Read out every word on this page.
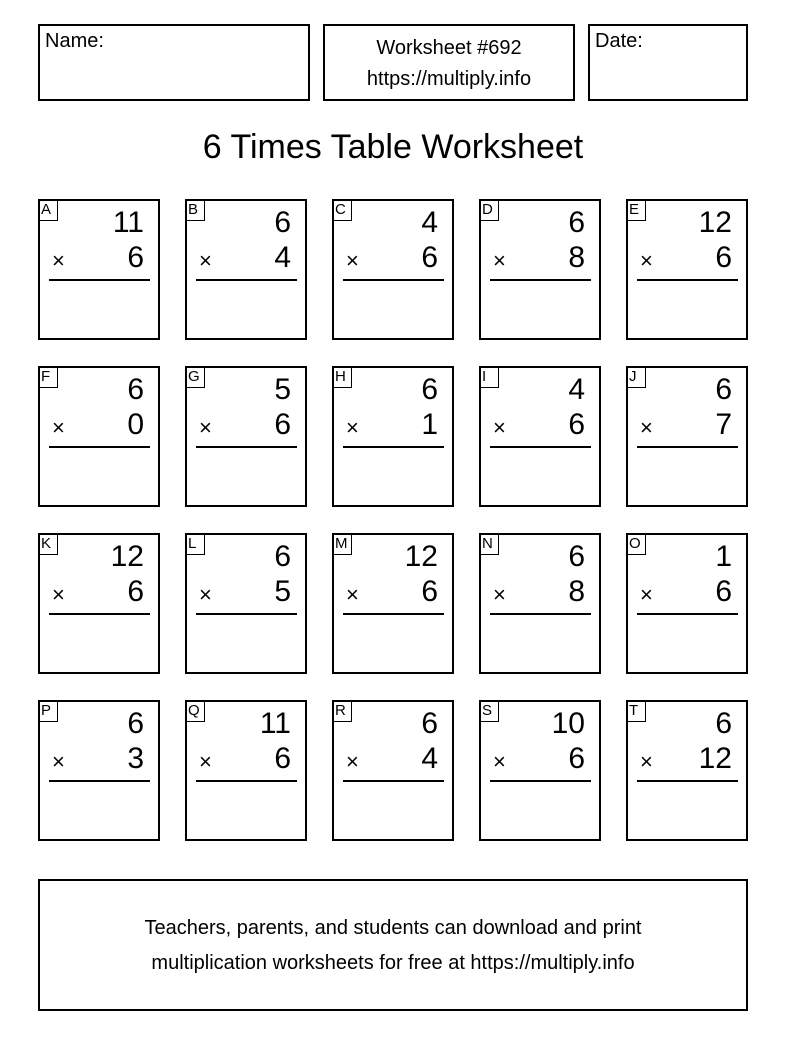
Name:	Worksheet #692
https://multiply.info
Date:
6 Times Table Worksheet
A 11
× 6
B	6
× 4
C	4
× 6
D	6
× 8
E 12
× 6
F	6
× 0
G 5
× 6
H	6
× 1
I	4
× 6
J	6
× 7
K 12
× 6
L	6
× 5
M 12
× 6
N	6
× 8
O 1
× 6
P	6
× 3
Q 11
× 6
R	6
× 4
S 10
× 6
T	6
× 12
Teachers, parents, and students can download and print
multiplication worksheets for free at https://multiply.info
